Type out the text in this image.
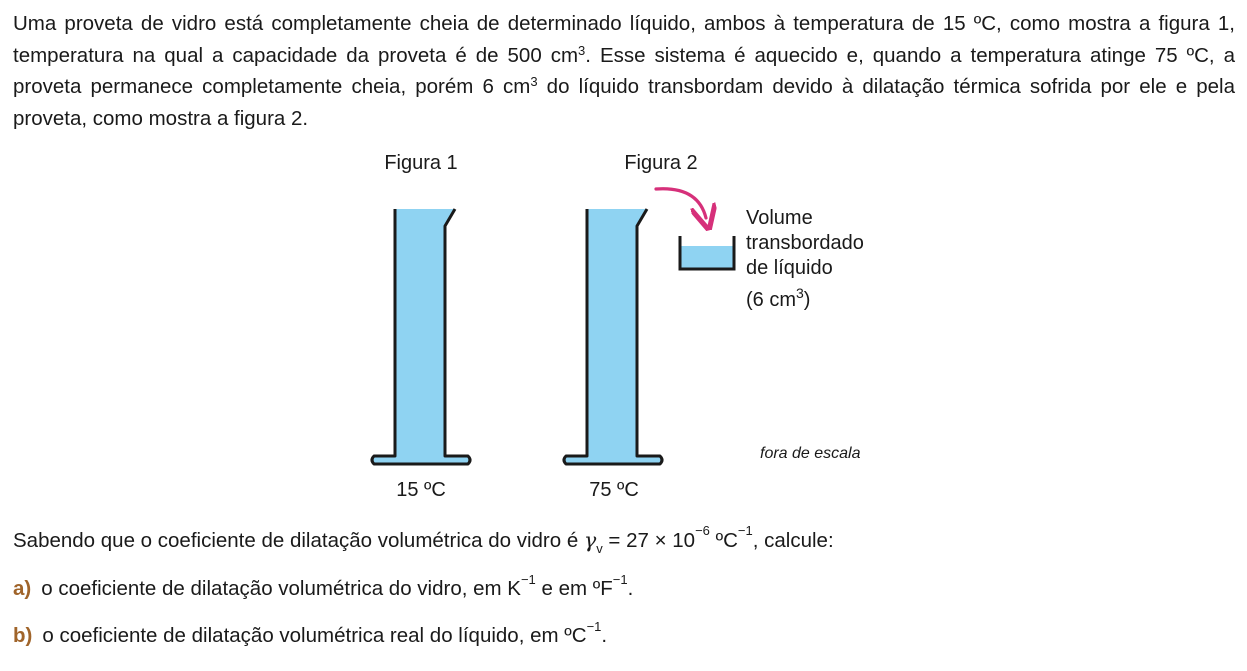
Uma proveta de vidro está completamente cheia de determinado líquido, ambos à temperatura de 15 ºC, como mostra a figura 1, temperatura na qual a capacidade da proveta é de 500 $cm^3$. Esse sistema é aquecido e, quando a temperatura atinge 75 ºC, a proveta permanece completamente cheia, porém 6 $cm^3$ do líquido transbordam devido à dilatação térmica sofrida por ele e pela proveta, como mostra a figura 2.

Figura 1	Figura 2
15 ºC	75 ºC
Volume
transbordado
de líquido
(6 $cm^3$)
fora de escala

Sabendo que o coeficiente de dilatação volumétrica do vidro é $\gamma_v = 27 \times 10^{-6}$ ºC$^{-1}$, calcule:

a) o coeficiente de dilatação volumétrica do vidro, em $K^{-1}$ e em ºF$^{-1}$.

b) o coeficiente de dilatação volumétrica real do líquido, em ºC$^{-1}$.
